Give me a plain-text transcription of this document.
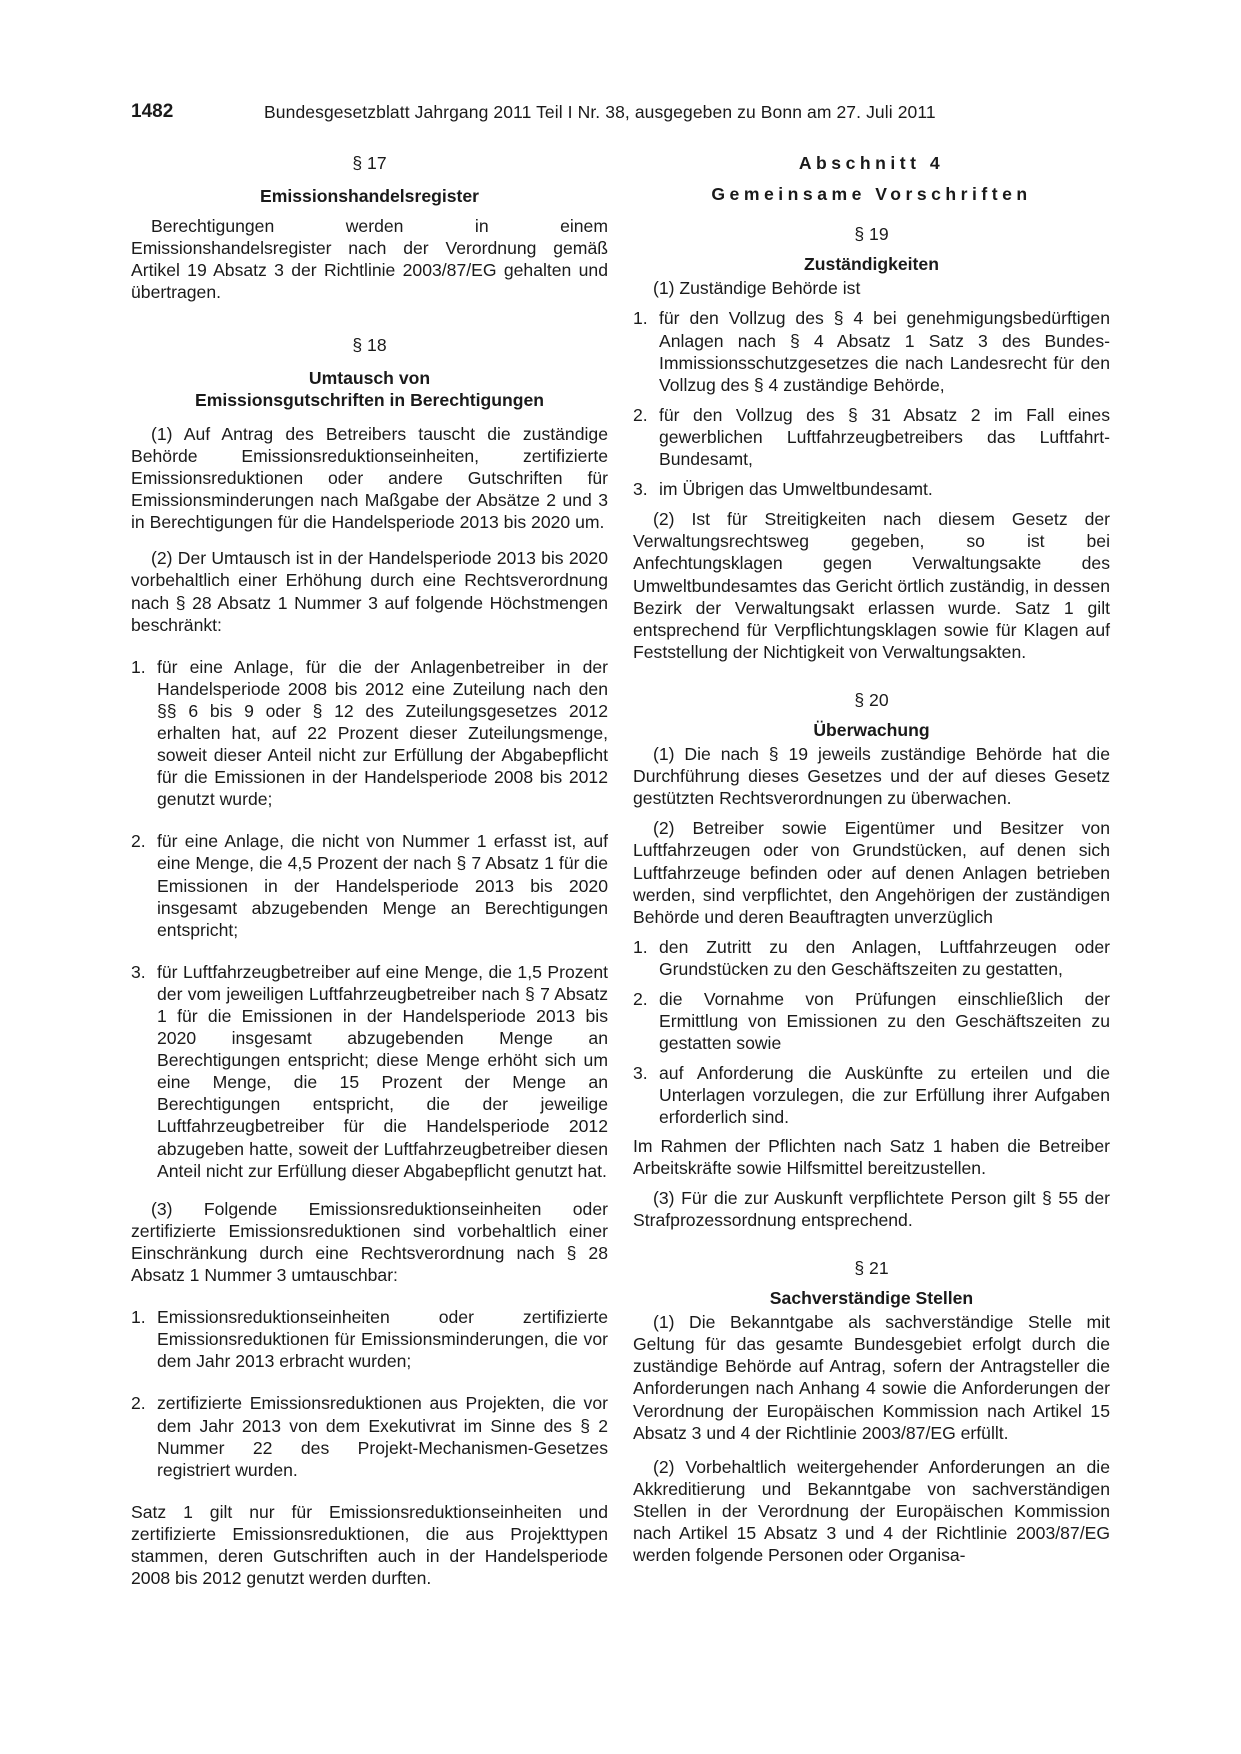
1482	Bundesgesetzblatt Jahrgang 2011 Teil I Nr. 38, ausgegeben zu Bonn am 27. Juli 2011

§ 17

Emissionshandelsregister

Berechtigungen werden in einem Emissionshandelsregister nach der Verordnung gemäß Artikel 19 Absatz 3 der Richtlinie 2003/87/EG gehalten und übertragen.

§ 18

Umtausch von

Emissionsgutschriften in Berechtigungen

(1) Auf Antrag des Betreibers tauscht die zuständige Behörde Emissionsreduktionseinheiten, zertifizierte Emissionsreduktionen oder andere Gutschriften für Emissionsminderungen nach Maßgabe der Absätze 2 und 3 in Berechtigungen für die Handelsperiode 2013 bis 2020 um.

(2) Der Umtausch ist in der Handelsperiode 2013 bis 2020 vorbehaltlich einer Erhöhung durch eine Rechtsverordnung nach § 28 Absatz 1 Nummer 3 auf folgende Höchstmengen beschränkt:

1. für eine Anlage, für die der Anlagenbetreiber in der Handelsperiode 2008 bis 2012 eine Zuteilung nach den §§ 6 bis 9 oder § 12 des Zuteilungsgesetzes 2012 erhalten hat, auf 22 Prozent dieser Zuteilungsmenge, soweit dieser Anteil nicht zur Erfüllung der Abgabepflicht für die Emissionen in der Handelsperiode 2008 bis 2012 genutzt wurde;
2. für eine Anlage, die nicht von Nummer 1 erfasst ist, auf eine Menge, die 4,5 Prozent der nach § 7 Absatz 1 für die Emissionen in der Handelsperiode 2013 bis 2020 insgesamt abzugebenden Menge an Berechtigungen entspricht;
3. für Luftfahrzeugbetreiber auf eine Menge, die 1,5 Prozent der vom jeweiligen Luftfahrzeugbetreiber nach § 7 Absatz 1 für die Emissionen in der Handelsperiode 2013 bis 2020 insgesamt abzugebenden Menge an Berechtigungen entspricht; diese Menge erhöht sich um eine Menge, die 15 Prozent der Menge an Berechtigungen entspricht, die der jeweilige Luftfahrzeugbetreiber für die Handelsperiode 2012 abzugeben hatte, soweit der Luftfahrzeugbetreiber diesen Anteil nicht zur Erfüllung dieser Abgabepflicht genutzt hat.

(3) Folgende Emissionsreduktionseinheiten oder zertifizierte Emissionsreduktionen sind vorbehaltlich einer Einschränkung durch eine Rechtsverordnung nach § 28 Absatz 1 Nummer 3 umtauschbar:

1. Emissionsreduktionseinheiten oder zertifizierte Emissionsreduktionen für Emissionsminderungen, die vor dem Jahr 2013 erbracht wurden;
2. zertifizierte Emissionsreduktionen aus Projekten, die vor dem Jahr 2013 von dem Exekutivrat im Sinne des § 2 Nummer 22 des Projekt-Mechanismen-Gesetzes registriert wurden.

Satz 1 gilt nur für Emissionsreduktionseinheiten und zertifizierte Emissionsreduktionen, die aus Projekttypen stammen, deren Gutschriften auch in der Handelsperiode 2008 bis 2012 genutzt werden durften.

Abschnitt 4

Gemeinsame Vorschriften

§ 19

Zuständigkeiten

(1) Zuständige Behörde ist

1. für den Vollzug des § 4 bei genehmigungsbedürftigen Anlagen nach § 4 Absatz 1 Satz 3 des Bundes-Immissionsschutzgesetzes die nach Landesrecht für den Vollzug des § 4 zuständige Behörde,
2. für den Vollzug des § 31 Absatz 2 im Fall eines gewerblichen Luftfahrzeugbetreibers das Luftfahrt-Bundesamt,
3. im Übrigen das Umweltbundesamt.

(2) Ist für Streitigkeiten nach diesem Gesetz der Verwaltungsrechtsweg gegeben, so ist bei Anfechtungsklagen gegen Verwaltungsakte des Umweltbundesamtes das Gericht örtlich zuständig, in dessen Bezirk der Verwaltungsakt erlassen wurde. Satz 1 gilt entsprechend für Verpflichtungsklagen sowie für Klagen auf Feststellung der Nichtigkeit von Verwaltungsakten.

§ 20

Überwachung

(1) Die nach § 19 jeweils zuständige Behörde hat die Durchführung dieses Gesetzes und der auf dieses Gesetz gestützten Rechtsverordnungen zu überwachen.

(2) Betreiber sowie Eigentümer und Besitzer von Luftfahrzeugen oder von Grundstücken, auf denen sich Luftfahrzeuge befinden oder auf denen Anlagen betrieben werden, sind verpflichtet, den Angehörigen der zuständigen Behörde und deren Beauftragten unverzüglich

1. den Zutritt zu den Anlagen, Luftfahrzeugen oder Grundstücken zu den Geschäftszeiten zu gestatten,
2. die Vornahme von Prüfungen einschließlich der Ermittlung von Emissionen zu den Geschäftszeiten zu gestatten sowie
3. auf Anforderung die Auskünfte zu erteilen und die Unterlagen vorzulegen, die zur Erfüllung ihrer Aufgaben erforderlich sind.

Im Rahmen der Pflichten nach Satz 1 haben die Betreiber Arbeitskräfte sowie Hilfsmittel bereitzustellen.

(3) Für die zur Auskunft verpflichtete Person gilt § 55 der Strafprozessordnung entsprechend.

§ 21

Sachverständige Stellen

(1) Die Bekanntgabe als sachverständige Stelle mit Geltung für das gesamte Bundesgebiet erfolgt durch die zuständige Behörde auf Antrag, sofern der Antragsteller die Anforderungen nach Anhang 4 sowie die Anforderungen der Verordnung der Europäischen Kommission nach Artikel 15 Absatz 3 und 4 der Richtlinie 2003/87/EG erfüllt.

(2) Vorbehaltlich weitergehender Anforderungen an die Akkreditierung und Bekanntgabe von sachverständigen Stellen in der Verordnung der Europäischen Kommission nach Artikel 15 Absatz 3 und 4 der Richtlinie 2003/87/EG werden folgende Personen oder Organisa-
